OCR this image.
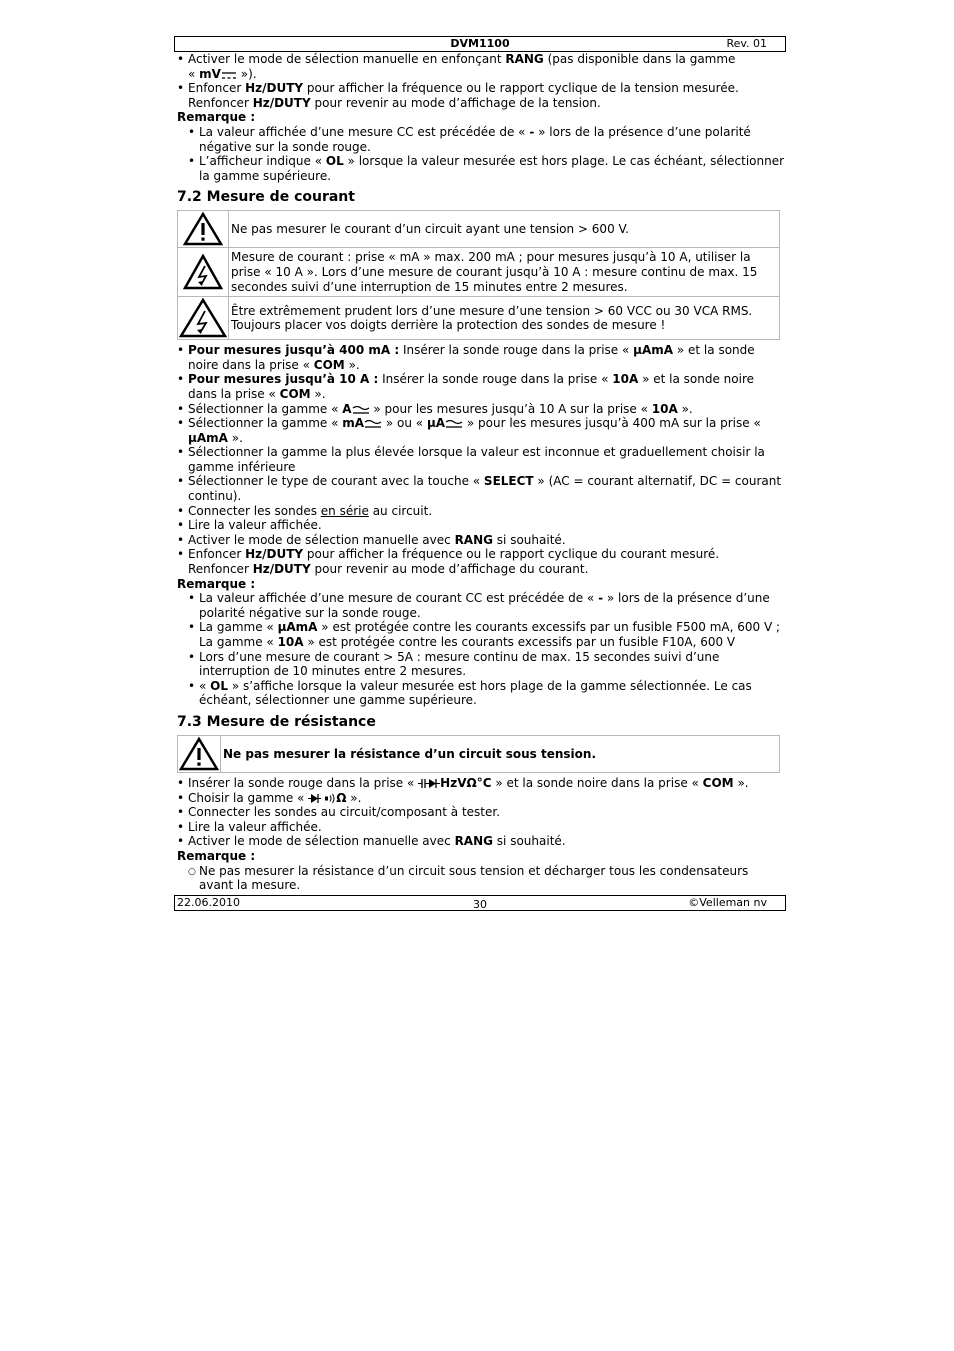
DVM1100	Rev. 01
• Activer le mode de sélection manuelle en enfonçant RANG (pas disponible dans la gamme
« mV »).
• Enfoncer Hz/DUTY pour afficher la fréquence ou le rapport cyclique de la tension mesurée.
Renfoncer Hz/DUTY pour revenir au mode d’affichage de la tension.
Remarque :
• La valeur affichée d’une mesure CC est précédée de « - » lors de la présence d’une polarité négative sur la sonde rouge.
• L’afficheur indique « OL » lorsque la valeur mesurée est hors plage. Le cas échéant, sélectionner la gamme supérieure.
7.2 Mesure de courant
	Ne pas mesurer le courant d’un circuit ayant une tension > 600 V.

	Mesure de courant : prise « mA » max. 200 mA ; pour mesures jusqu’à 10 A, utiliser la prise « 10 A ». Lors d’une mesure de courant jusqu’à 10 A : mesure continu de max. 15 secondes suivi d’une interruption de 15 minutes entre 2 mesures.

	Être extrêmement prudent lors d’une mesure d’une tension > 60 VCC ou 30 VCA RMS. Toujours placer vos doigts derrière la protection des sondes de mesure !
• Pour mesures jusqu’à 400 mA : Insérer la sonde rouge dans la prise « µAmA » et la sonde noire dans la prise « COM ».
• Pour mesures jusqu’à 10 A : Insérer la sonde rouge dans la prise « 10A » et la sonde noire dans la prise « COM ».
• Sélectionner la gamme « A » pour les mesures jusqu’à 10 A sur la prise « 10A ».
• Sélectionner la gamme « mA » ou « µA » pour les mesures jusqu’à 400 mA sur la prise « µAmA ».
• Sélectionner la gamme la plus élevée lorsque la valeur est inconnue et graduellement choisir la gamme inférieure
• Sélectionner le type de courant avec la touche « SELECT » (AC = courant alternatif, DC = courant continu).
• Connecter les sondes en série au circuit.
• Lire la valeur affichée.
• Activer le mode de sélection manuelle avec RANG si souhaité.
• Enfoncer Hz/DUTY pour afficher la fréquence ou le rapport cyclique du courant mesuré.
Renfoncer Hz/DUTY pour revenir au mode d’affichage du courant.
Remarque :
• La valeur affichée d’une mesure de courant CC est précédée de « - » lors de la présence d’une polarité négative sur la sonde rouge.
• La gamme « µAmA » est protégée contre les courants excessifs par un fusible F500 mA, 600 V ; La gamme « 10A » est protégée contre les courants excessifs par un fusible F10A, 600 V
• Lors d’une mesure de courant > 5A : mesure continu de max. 15 secondes suivi d’une interruption de 10 minutes entre 2 mesures.
• « OL » s’affiche lorsque la valeur mesurée est hors plage de la gamme sélectionnée. Le cas échéant, sélectionner une gamme supérieure.
7.3 Mesure de résistance
	Ne pas mesurer la résistance d’un circuit sous tension.
• Insérer la sonde rouge dans la prise « HzVΩ°C » et la sonde noire dans la prise « COM ».
• Choisir la gamme « Ω ».
• Connecter les sondes au circuit/composant à tester.
• Lire la valeur affichée.
• Activer le mode de sélection manuelle avec RANG si souhaité.
Remarque :
○ Ne pas mesurer la résistance d’un circuit sous tension et décharger tous les condensateurs avant la mesure.
22.06.2010	30	©Velleman nv
